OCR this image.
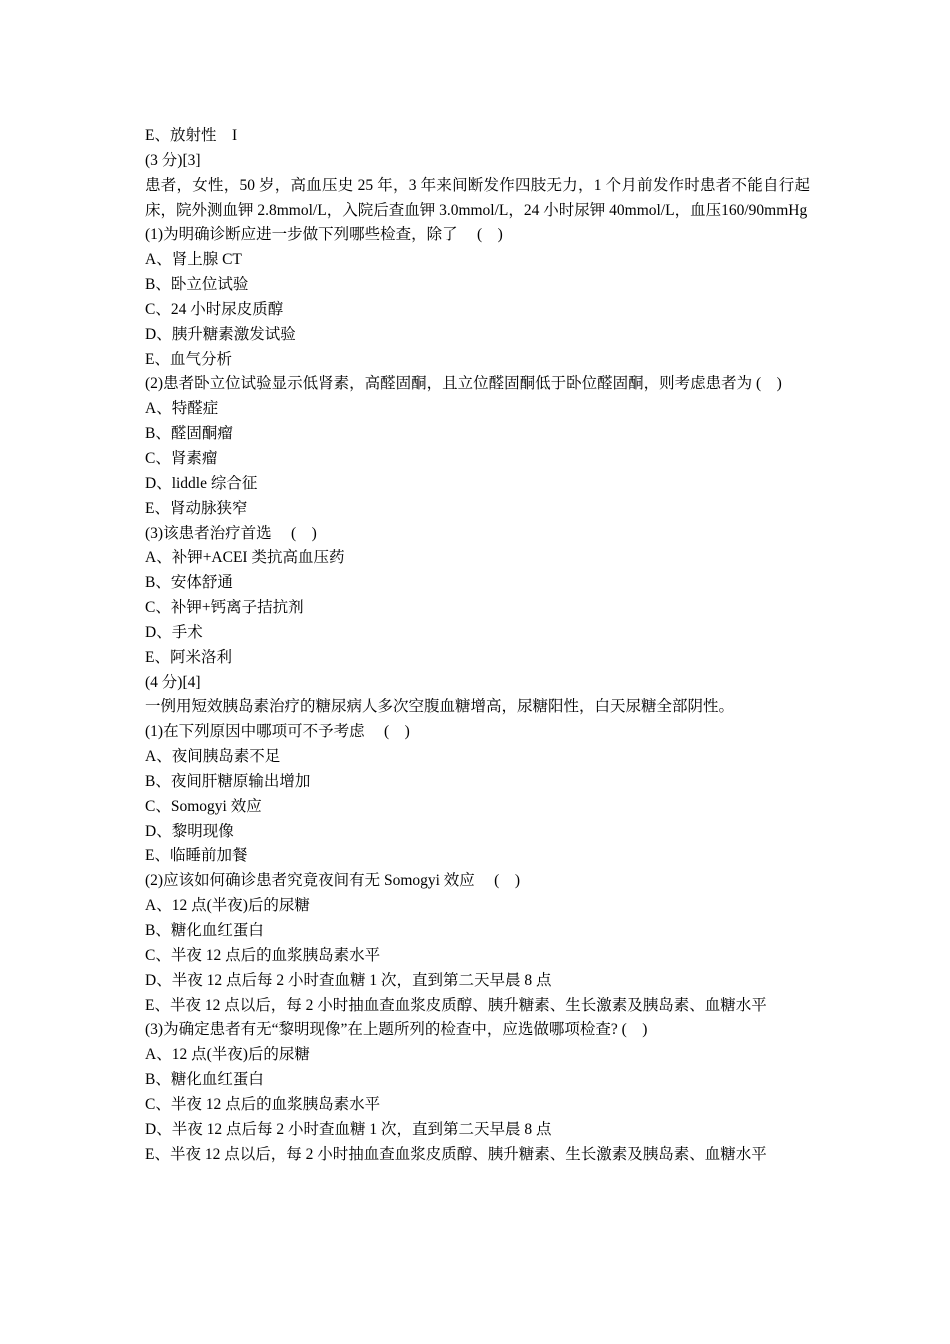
E、放射性　I
(3 分)[3]
患者，女性，50 岁，高血压史 25 年，3 年来间断发作四肢无力，1 个月前发作时患者不能自行起床，院外测血钾 2.8mmol/L，入院后查血钾 3.0mmol/L，24 小时尿钾 40mmol/L，血压160/90mmHg
(1)为明确诊断应进一步做下列哪些检查，除了　 (　)
A、肾上腺 CT
B、卧立位试验
C、24 小时尿皮质醇
D、胰升糖素激发试验
E、血气分析
(2)患者卧立位试验显示低肾素，高醛固酮，且立位醛固酮低于卧位醛固酮，则考虑患者为 (　)
A、特醛症
B、醛固酮瘤
C、肾素瘤
D、liddle 综合征
E、肾动脉狭窄
(3)该患者治疗首选　 (　)
A、补钾+ACEI 类抗高血压药
B、安体舒通
C、补钾+钙离子拮抗剂
D、手术
E、阿米洛利
(4 分)[4]
一例用短效胰岛素治疗的糖尿病人多次空腹血糖增高，尿糖阳性，白天尿糖全部阴性。
(1)在下列原因中哪项可不予考虑　 (　)
A、夜间胰岛素不足
B、夜间肝糖原输出增加
C、Somogyi 效应
D、黎明现像
E、临睡前加餐
(2)应该如何确诊患者究竟夜间有无 Somogyi 效应　 (　)
A、12 点(半夜)后的尿糖
B、糖化血红蛋白
C、半夜 12 点后的血浆胰岛素水平
D、半夜 12 点后每 2 小时查血糖 1 次，直到第二天早晨 8 点
E、半夜 12 点以后，每 2 小时抽血查血浆皮质醇、胰升糖素、生长激素及胰岛素、血糖水平
(3)为确定患者有无“黎明现像”在上题所列的检查中，应选做哪项检查? (　)
A、12 点(半夜)后的尿糖
B、糖化血红蛋白
C、半夜 12 点后的血浆胰岛素水平
D、半夜 12 点后每 2 小时查血糖 1 次，直到第二天早晨 8 点
E、半夜 12 点以后，每 2 小时抽血查血浆皮质醇、胰升糖素、生长激素及胰岛素、血糖水平
